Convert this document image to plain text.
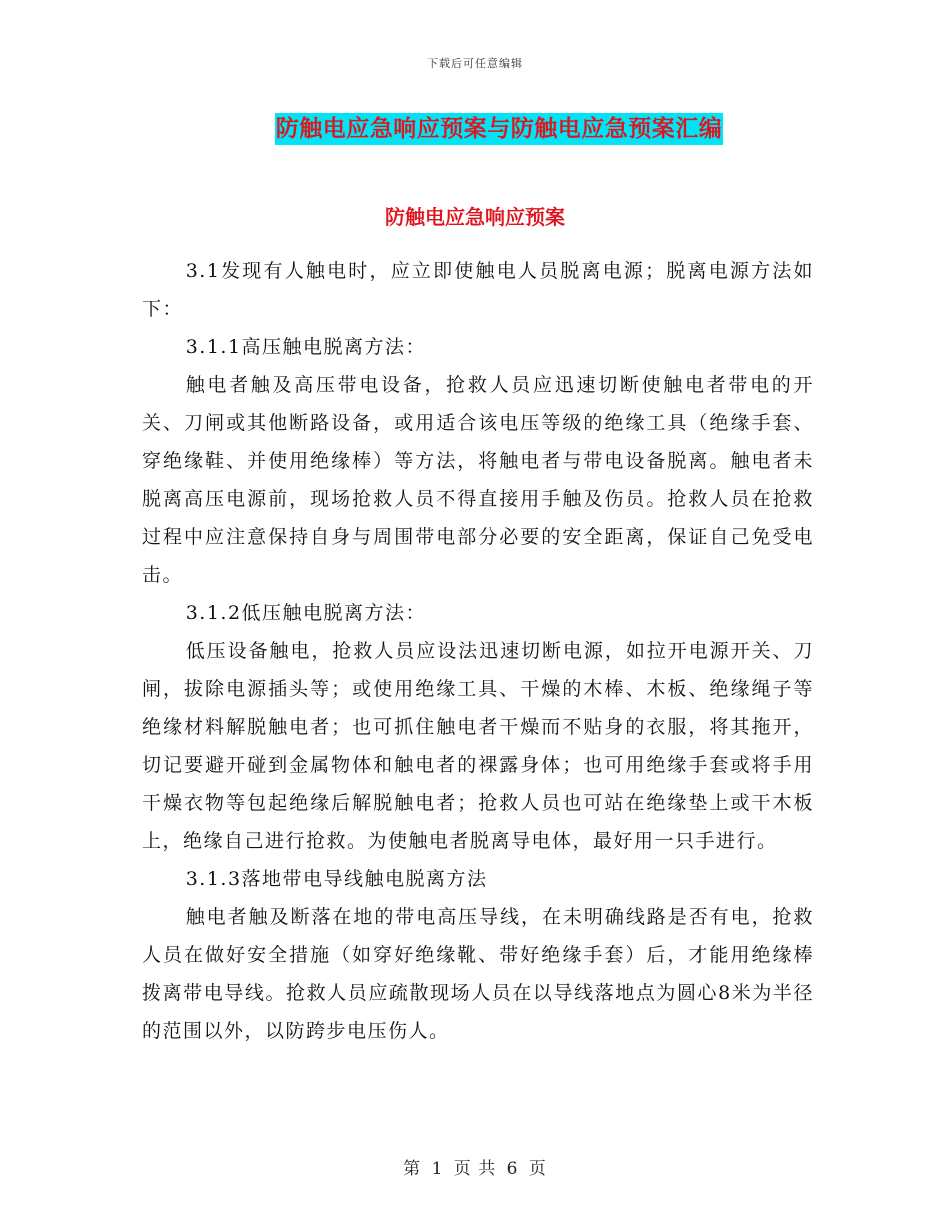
下载后可任意编辑
防触电应急响应预案与防触电应急预案汇编
防触电应急响应预案

3.1发现有人触电时，应立即使触电人员脱离电源；脱离电源方法如下：

3.1.1高压触电脱离方法：

触电者触及高压带电设备，抢救人员应迅速切断使触电者带电的开关、刀闸或其他断路设备，或用适合该电压等级的绝缘工具（绝缘手套、穿绝缘鞋、并使用绝缘棒）等方法，将触电者与带电设备脱离。触电者未脱离高压电源前，现场抢救人员不得直接用手触及伤员。抢救人员在抢救过程中应注意保持自身与周围带电部分必要的安全距离，保证自己免受电击。

3.1.2低压触电脱离方法：

低压设备触电，抢救人员应设法迅速切断电源，如拉开电源开关、刀闸，拔除电源插头等；或使用绝缘工具、干燥的木棒、木板、绝缘绳子等绝缘材料解脱触电者；也可抓住触电者干燥而不贴身的衣服，将其拖开，切记要避开碰到金属物体和触电者的裸露身体；也可用绝缘手套或将手用干燥衣物等包起绝缘后解脱触电者；抢救人员也可站在绝缘垫上或干木板上，绝缘自己进行抢救。为使触电者脱离导电体，最好用一只手进行。

3.1.3落地带电导线触电脱离方法

触电者触及断落在地的带电高压导线，在未明确线路是否有电，抢救人员在做好安全措施（如穿好绝缘靴、带好绝缘手套）后，才能用绝缘棒拨离带电导线。抢救人员应疏散现场人员在以导线落地点为圆心8米为半径的范围以外，以防跨步电压伤人。

第 1 页 共 6 页
